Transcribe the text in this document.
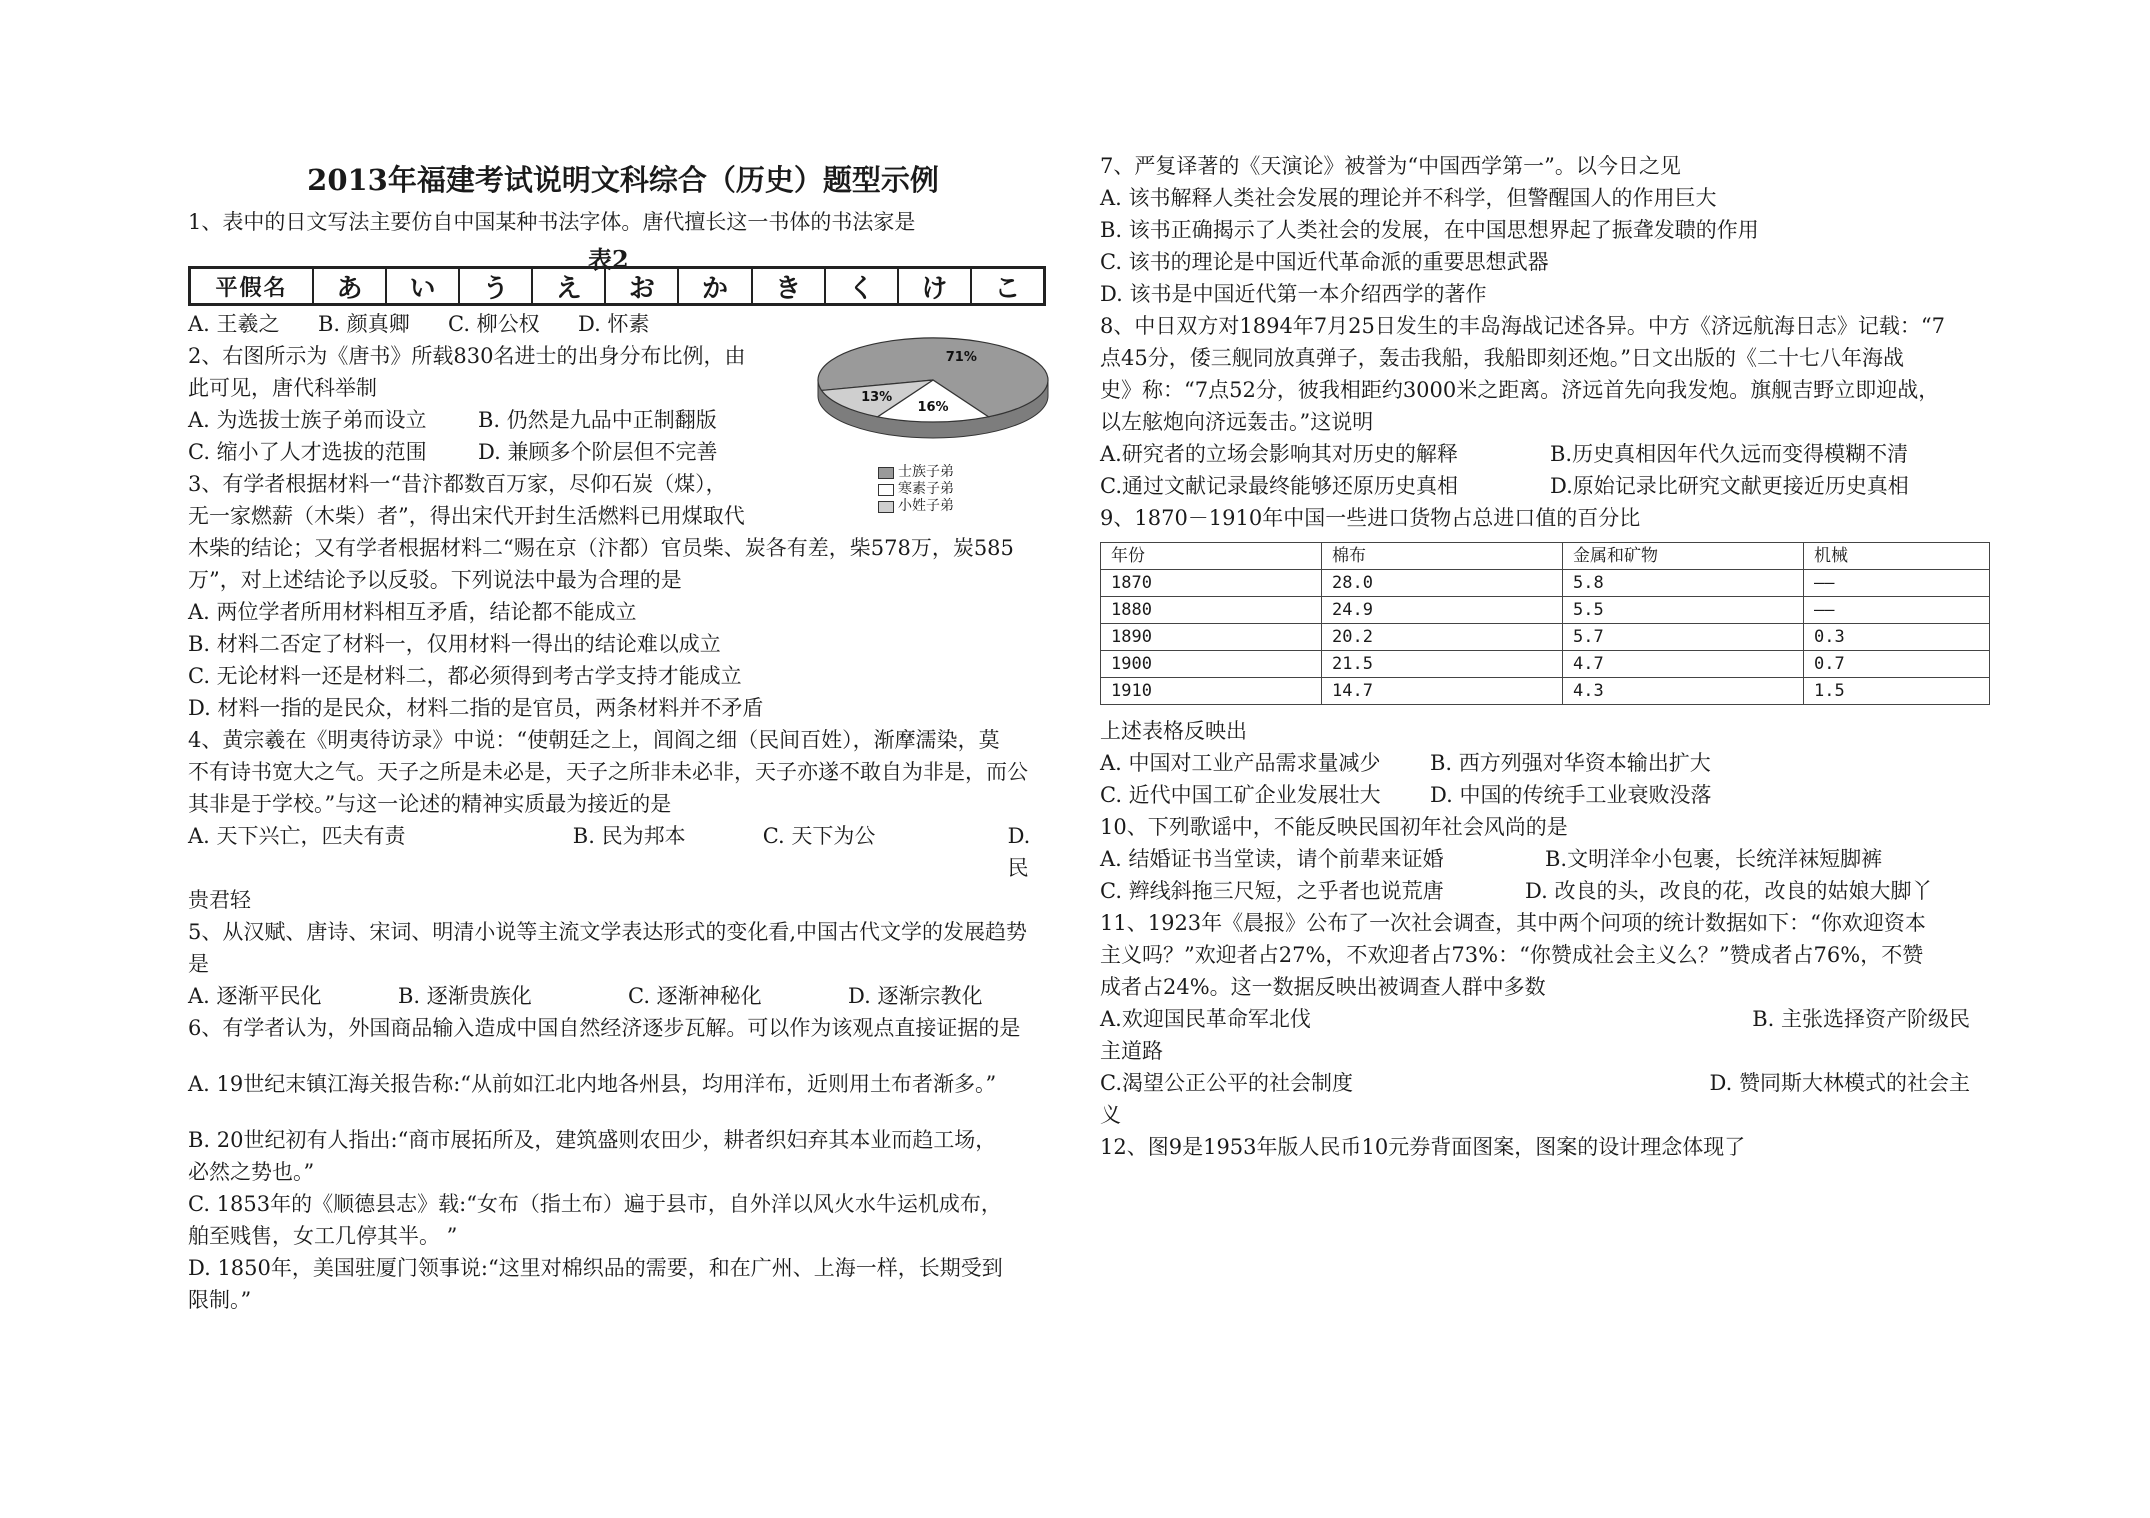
2013年福建考试说明文科综合（历史）题型示例

1、表中的日文写法主要仿自中国某种书法字体。唐代擅长这一书体的书法家是

表2
平假名	あ	い	う	え	お	か	き	く	け	こ
A. 王羲之	B. 颜真卿	C. 柳公权	D. 怀素

2、右图所示为《唐书》所载830名进士的出身分布比例，由

此可见，唐代科举制

A. 为选拔士族子弟而设立	B. 仍然是九品中正制翻版
C. 缩小了人才选拔的范围	D. 兼顾多个阶层但不完善
71%
16%
13%
士族子弟
寒素子弟
小姓子弟

3、有学者根据材料一“昔汴都数百万家，尽仰石炭（煤），

无一家燃薪（木柴）者”，得出宋代开封生活燃料已用煤取代

木柴的结论；又有学者根据材料二“赐在京（汴都）官员柴、炭各有差，柴578万，炭585

万”，对上述结论予以反驳。下列说法中最为合理的是

A. 两位学者所用材料相互矛盾，结论都不能成立

B. 材料二否定了材料一，仅用材料一得出的结论难以成立

C. 无论材料一还是材料二，都必须得到考古学支持才能成立

D. 材料一指的是民众，材料二指的是官员，两条材料并不矛盾

4、黄宗羲在《明夷待访录》中说：“使朝廷之上，闾阎之细（民间百姓），渐摩濡染，莫

不有诗书宽大之气。天子之所是未必是，天子之所非未必非，天子亦遂不敢自为非是，而公

其非是于学校。”与这一论述的精神实质最为接近的是

A. 天下兴亡，匹夫有责	B. 民为邦本	C. 天下为公	D. 民

贵君轻

5、从汉赋、唐诗、宋词、明清小说等主流文学表达形式的变化看,中国古代文学的发展趋势

是

A. 逐渐平民化	B. 逐渐贵族化	C. 逐渐神秘化	D. 逐渐宗教化

6、有学者认为，外国商品输入造成中国自然经济逐步瓦解。可以作为该观点直接证据的是

A. 19世纪末镇江海关报告称:“从前如江北内地各州县，均用洋布，近则用土布者渐多。”

B. 20世纪初有人指出:“商市展拓所及，建筑盛则农田少，耕者织妇弃其本业而趋工场，

必然之势也。”

C. 1853年的《顺德县志》载:“女布（指土布）遍于县市，自外洋以风火水牛运机成布，

舶至贱售，女工几停其半。 ”

D. 1850年，美国驻厦门领事说:“这里对棉织品的需要，和在广州、上海一样，长期受到

限制。”

7、严复译著的《天演论》被誉为“中国西学第一”。以今日之见

A. 该书解释人类社会发展的理论并不科学，但警醒国人的作用巨大

B. 该书正确揭示了人类社会的发展，在中国思想界起了振聋发聩的作用

C. 该书的理论是中国近代革命派的重要思想武器

D. 该书是中国近代第一本介绍西学的著作

8、中日双方对1894年7月25日发生的丰岛海战记述各异。中方《济远航海日志》记载：“7

点45分，倭三舰同放真弹子，轰击我船，我船即刻还炮。”日文出版的《二十七八年海战

史》称：“7点52分，彼我相距约3000米之距离。济远首先向我发炮。旗舰吉野立即迎战，

以左舷炮向济远轰击。”这说明

A.研究者的立场会影响其对历史的解释	B.历史真相因年代久远而变得模糊不清
C.通过文献记录最终能够还原历史真相	D.原始记录比研究文献更接近历史真相

9、1870－1910年中国一些进口货物占总进口值的百分比

年份	棉布	金属和矿物	机械
1870	28.0	5.8	——
1880	24.9	5.5	——
1890	20.2	5.7	0.3
1900	21.5	4.7	0.7
1910	14.7	4.3	1.5

上述表格反映出

A. 中国对工业产品需求量减少	B. 西方列强对华资本输出扩大
C. 近代中国工矿企业发展壮大	D. 中国的传统手工业衰败没落

10、下列歌谣中，不能反映民国初年社会风尚的是

A. 结婚证书当堂读，请个前辈来证婚	B.文明洋伞小包裹，长统洋袜短脚裤
C. 辫线斜拖三尺短，之乎者也说荒唐	D. 改良的头，改良的花，改良的姑娘大脚丫

11、1923年《晨报》公布了一次社会调查，其中两个问项的统计数据如下：“你欢迎资本

主义吗？”欢迎者占27%，不欢迎者占73%：“你赞成社会主义么？”赞成者占76%，不赞

成者占24%。这一数据反映出被调查人群中多数

A.欢迎国民革命军北伐	B. 主张选择资产阶级民

主道路

C.渴望公正公平的社会制度	D. 赞同斯大林模式的社会主

义

12、图9是1953年版人民币10元券背面图案，图案的设计理念体现了
